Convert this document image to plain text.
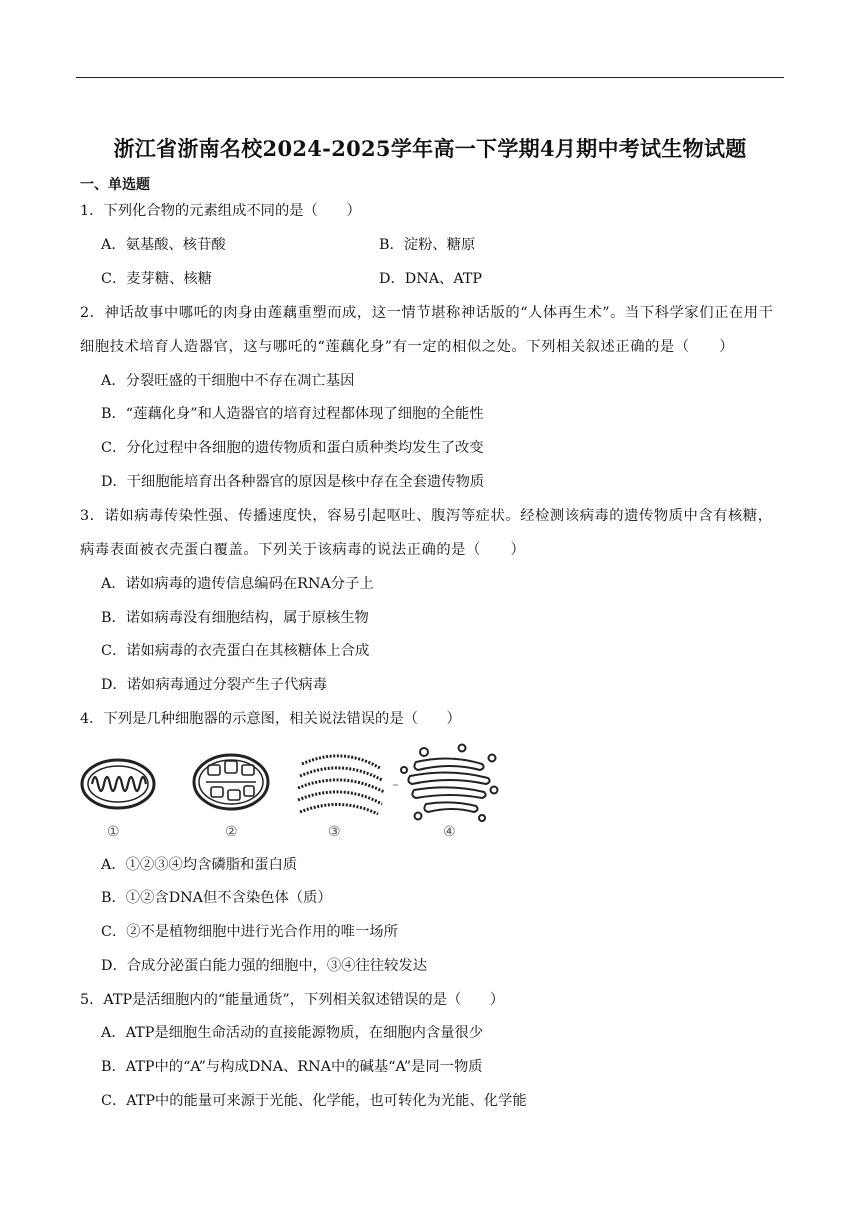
浙江省浙南名校2024-2025学年高一下学期4月期中考试生物试题
一、单选题
1．下列化合物的元素组成不同的是（　　）
A．氨基酸、核苷酸	B．淀粉、糖原
C．麦芽糖、核糖	D．DNA、ATP
2．神话故事中哪吒的肉身由莲藕重塑而成，这一情节堪称神话版的“人体再生术”。当下科学家们正在用干细胞技术培育人造器官，这与哪吒的“莲藕化身”有一定的相似之处。下列相关叙述正确的是（　　）
A．分裂旺盛的干细胞中不存在凋亡基因
B．“莲藕化身”和人造器官的培育过程都体现了细胞的全能性
C．分化过程中各细胞的遗传物质和蛋白质种类均发生了改变
D．干细胞能培育出各种器官的原因是核中存在全套遗传物质
3．诺如病毒传染性强、传播速度快，容易引起呕吐、腹泻等症状。经检测该病毒的遗传物质中含有核糖，病毒表面被衣壳蛋白覆盖。下列关于该病毒的说法正确的是（　　）
A．诺如病毒的遗传信息编码在RNA分子上
B．诺如病毒没有细胞结构，属于原核生物
C．诺如病毒的衣壳蛋白在其核糖体上合成
D．诺如病毒通过分裂产生子代病毒
4．下列是几种细胞器的示意图，相关说法错误的是（　　）
①	②	③	④
A．①②③④均含磷脂和蛋白质
B．①②含DNA但不含染色体（质）
C．②不是植物细胞中进行光合作用的唯一场所
D．合成分泌蛋白能力强的细胞中，③④往往较发达
5．ATP是活细胞内的“能量通货”，下列相关叙述错误的是（　　）
A．ATP是细胞生命活动的直接能源物质，在细胞内含量很少
B．ATP中的“A”与构成DNA、RNA中的碱基“A”是同一物质
C．ATP中的能量可来源于光能、化学能，也可转化为光能、化学能
